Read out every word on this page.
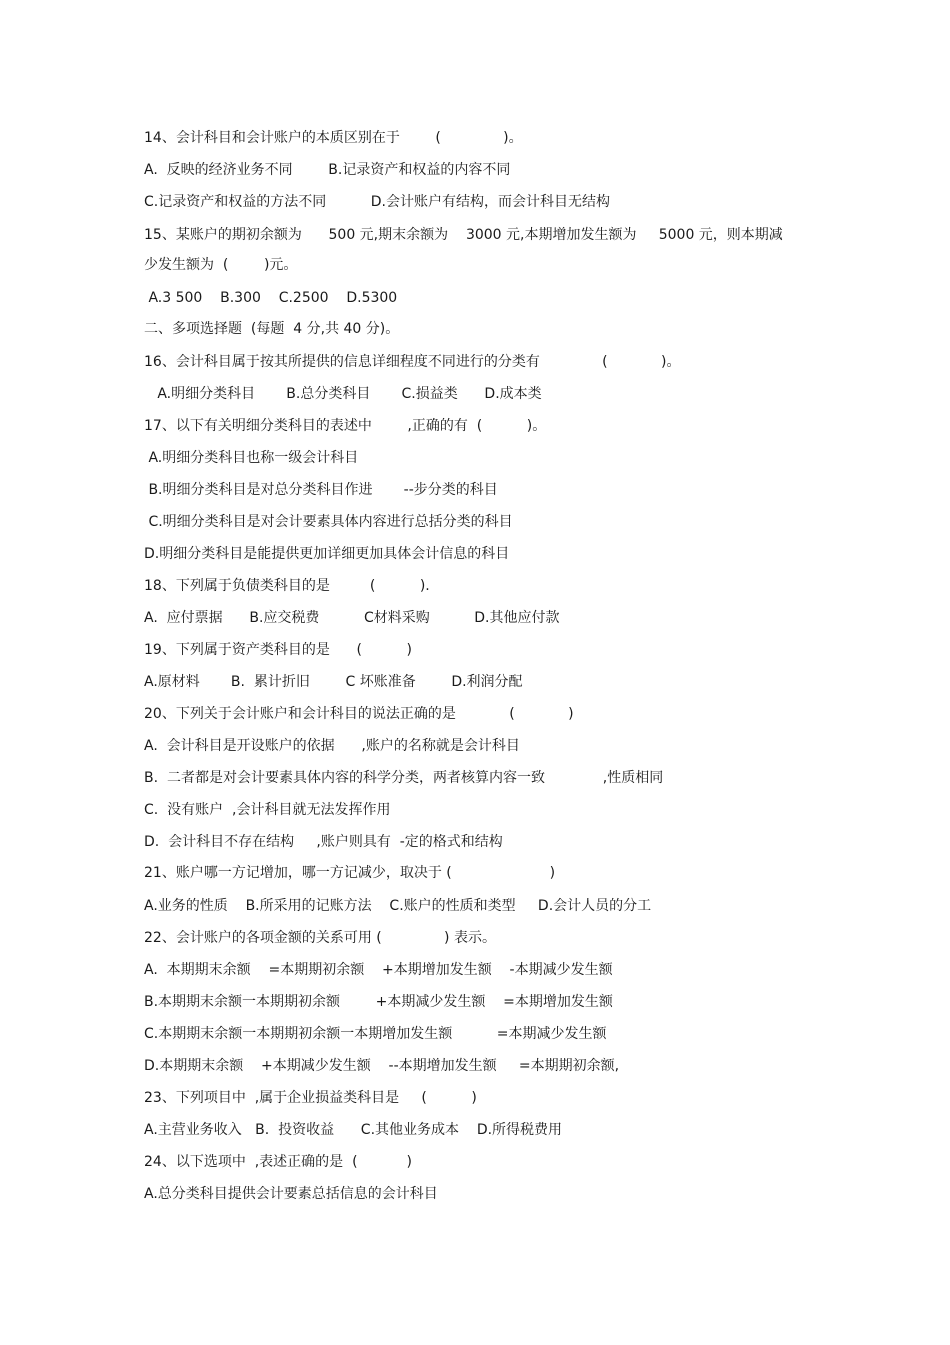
14、会计科目和会计账户的本质区别在于        (              )。
A.  反映的经济业务不同        B.记录资产和权益的内容不同
C.记录资产和权益的方法不同          D.会计账户有结构，而会计科目无结构
15、某账户的期初余额为      500 元,期末余额为    3000 元,本期增加发生额为     5000 元，则本期减
少发生额为  (        )元。
A.3 500    B.300    C.2500    D.5300
二、多项选择题  (每题  4 分,共 40 分)。
16、会计科目属于按其所提供的信息详细程度不同进行的分类有              (            )。
A.明细分类科目       B.总分类科目       C.损益类      D.成本类
17、以下有关明细分类科目的表述中        ,正确的有  (          )。
A.明细分类科目也称一级会计科目
B.明细分类科目是对总分类科目作进       --步分类的科目
C.明细分类科目是对会计要素具体内容进行总括分类的科目
D.明细分类科目是能提供更加详细更加具体会计信息的科目
18、下列属于负债类科目的是         (          ).
A.  应付票据      B.应交税费          C材料采购          D.其他应付款
19、下列属于资产类科目的是      (          )
A.原材料       B.  累计折旧        C 坏账准备        D.利润分配
20、下列关于会计账户和会计科目的说法正确的是            (            )
A.  会计科目是开设账户的依据      ,账户的名称就是会计科目
B.  二者都是对会计要素具体内容的科学分类，两者核算内容一致             ,性质相同
C.  没有账户  ,会计科目就无法发挥作用
D.  会计科目不存在结构     ,账户则具有  -定的格式和结构
21、账户哪一方记增加，哪一方记减少，取决于 (                      )
A.业务的性质    B.所采用的记账方法    C.账户的性质和类型     D.会计人员的分工
22、会计账户的各项金额的关系可用 (              ) 表示。
A.  本期期末余额    =本期期初余额    +本期增加发生额    -本期减少发生额
B.本期期末余额一本期期初余额        +本期减少发生额    =本期增加发生额
C.本期期末余额一本期期初余额一本期增加发生额          =本期减少发生额
D.本期期末余额    +本期减少发生额    --本期增加发生额     =本期期初余额,
23、下列项目中  ,属于企业损益类科目是     (          )
A.主营业务收入   B.  投资收益      C.其他业务成本    D.所得税费用
24、以下选项中  ,表述正确的是  (           )
A.总分类科目提供会计要素总括信息的会计科目
